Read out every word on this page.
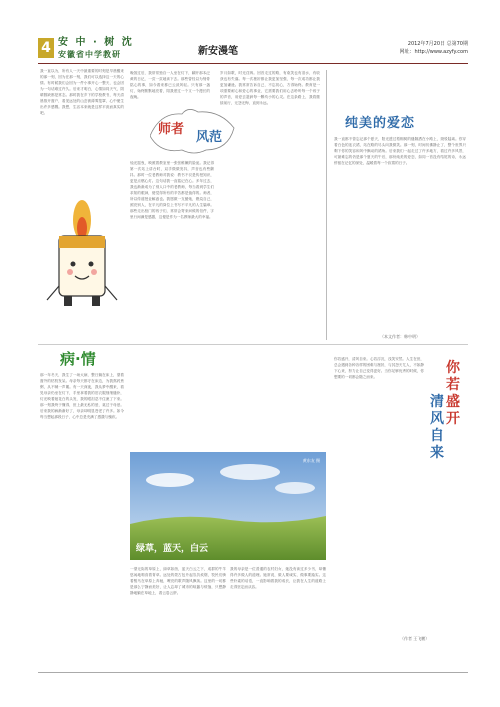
4 安 中 · 树 沈
安徽省中学教研	新安漫笔
2012年7月20日 总第70期
网址：http://www.azyfy.com
我一直以为，所有人一天中最重要的时刻是早晨醒来的那一刻，因为在那一刻，我们可以选择这一天的心情。有时候我们会因为一件小事开心一整天，也会因为一句话难过许久。后来才明白，心情如同天气，阴晴圆缺都是常态。那时我在乡下的学校教书，每天清晨推开窗户，看见远处的山峦被薄雾笼罩，心中便生出许多感慨。我想，生活本来就是这样平淡而真实的吧。
师者
风范
晚饭过后，我常常独自一人坐在灯下，翻开那本泛黄的日记，一页一页地读下去。那些曾经以为刻骨铭心的事，如今看来都已云淡风轻。只有那一盏灯，始终默默地亮着，陪我度过一个又一个漫长的夜晚。
烛光摇曳，映照着教室里一张张稚嫩的脸庞。我记得第一次站上讲台时，双手微微发抖，声音也有些颤抖。那时一位老教师对我说：教书不仅是传授知识，更是点燃心灯。这句话我一直铭记在心。多年过去，我也渐渐成为了别人口中的老教师，每当看到学生们求知的眼神，便觉得所有的辛苦都是值得的。师者，所以传道授业解惑也。我愿做一支蜡烛，燃烧自己，照亮别人，在平凡的岗位上书写不平凡的人生篇章。那些走出校门的孩子们，常常会寄来问候的信件，字里行间满是感激，这便是作为一名教师最大的幸福。
岁月如歌，时光荏苒。回首走过的路，有欢笑也有泪水，有收获也有失落。每一次挫折都让我更加坚强，每一次成功都让我更加谦逊。我常常告诉自己，不忘初心，方得始终。教育是一项需要耐心和爱心的事业，它需要我们用心去聆听每一个孩子的声音，用爱去滋润每一颗幼小的心灵。在这条路上，我将继续前行，无怨无悔，直到永远。
纯美的爱恋
我一直都不曾忘记那个夏天，阳光透过梧桐树的缝隙洒在小路上，斑驳陆离。你穿着白色的连衣裙，站在路的尽头向我微笑。那一刻，时间仿佛静止了，整个世界只剩下你的笑容和风中飘动的裙角。后来我们一起走过了许多地方，看过许多风景，可最难忘的仍是那个夏天的午后，那份纯美的爱恋，如同一首没有结尾的诗，永远停留在记忆的深处，温暖着每一个寂寞的日子。
（本文作者：韩中明）
病·情
那一年冬天，我生了一场大病，整日躺在床上，望着窗外的枯枝发呆。母亲每天都守在床边，为我熬药煮粥，从不喊一声累。有一天深夜，我从梦中醒来，看见母亲仍坐在灯下，手里拿着我的旧衣服细细缝补，灯光映着她花白的头发，我的眼泪忍不住流了下来。那一刻我终于懂得，世上最无私的爱，莫过于母爱。后来我的病渐渐好了，母亲却明显苍老了许多。如今每当想起那段日子，心中总是充满了感激与愧疚。
绿草，蓝天，白云
黄东友 摄
一望无际的草原上，绿草如茵，蓝天白云之下，成群的牛羊悠闲地啃食着青草。远处的蒙古包升起袅袅炊烟，牧民们骑着骏马在草原上奔驰，嘹亮的歌声随风飘荡。这里的一切都是那么宁静而美好，让人忘却了城市的喧嚣与烦恼，只想静静地躺在草地上，看云卷云舒。
我的母亲是一位普通的农村妇女，她没有读过多少书，却懂得许多做人的道理。她常说，做人要诚实，做事要踏实。这些朴素的话语，一直影响着我的成长，让我在人生的道路上走得坚定而从容。
你若盛开
清风自来
你若盛开，清风自来。心若浮沉，浅笑安然。人生在世，总会遇到各种各样的困难与挫折，与其怨天尤人，不如静下心来，努力让自己变得更好。当你足够优秀的时候，你想要的一切都会随之而来。
（作者 王飞鹏）
